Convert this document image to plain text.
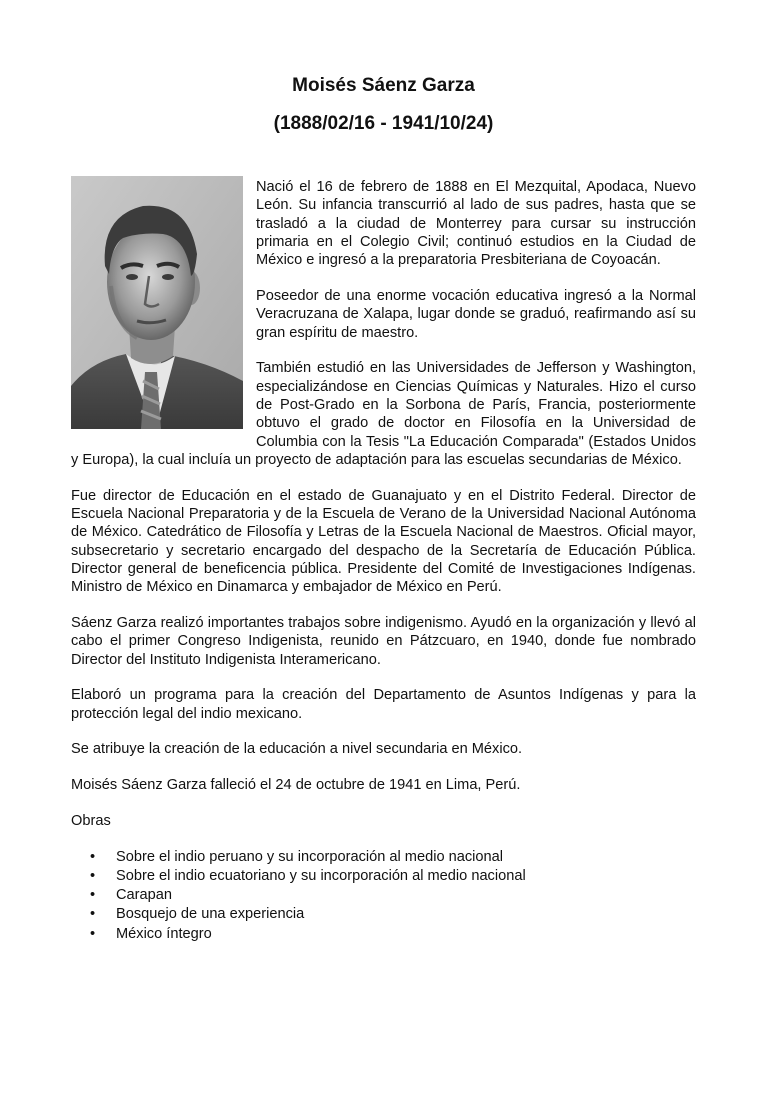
Moisés Sáenz Garza
(1888/02/16 - 1941/10/24)

Nació el 16 de febrero de 1888 en El Mezquital, Apodaca, Nuevo León. Su infancia transcurrió al lado de sus padres, hasta que se trasladó a la ciudad de Monterrey para cursar su instrucción primaria en el Colegio Civil; continuó estudios en la Ciudad de México e ingresó a la preparatoria Presbiteriana de Coyoacán.

Poseedor de una enorme vocación educativa ingresó a la Normal Veracruzana de Xalapa, lugar donde se graduó, reafirmando así su gran espíritu de maestro.

También estudió en las Universidades de Jefferson y Washington, especializándose en Ciencias Químicas y Naturales. Hizo el curso de Post-Grado en la Sorbona de París, Francia, posteriormente obtuvo el grado de doctor en Filosofía en la Universidad de Columbia con la Tesis "La Educación Comparada" (Estados Unidos y Europa), la cual incluía un proyecto de adaptación para las escuelas secundarias de México.

Fue director de Educación en el estado de Guanajuato y en el Distrito Federal. Director de Escuela Nacional Preparatoria y de la Escuela de Verano de la Universidad Nacional Autónoma de México. Catedrático de Filosofía y Letras de la Escuela Nacional de Maestros. Oficial mayor, subsecretario y secretario encargado del despacho de la Secretaría de Educación Pública. Director general de beneficencia pública. Presidente del Comité de Investigaciones Indígenas. Ministro de México en Dinamarca y embajador de México en Perú.

Sáenz Garza realizó importantes trabajos sobre indigenismo. Ayudó en la organización y llevó al cabo el primer Congreso Indigenista, reunido en Pátzcuaro, en 1940, donde fue nombrado Director del Instituto Indigenista Interamericano.

Elaboró un programa para la creación del Departamento de Asuntos Indígenas y para la protección legal del indio mexicano.

Se atribuye la creación de la educación a nivel secundaria en México.

Moisés Sáenz Garza falleció el 24 de octubre de 1941 en Lima, Perú.

Obras

• Sobre el indio peruano y su incorporación al medio nacional
• Sobre el indio ecuatoriano y su incorporación al medio nacional
• Carapan
• Bosquejo de una experiencia
• México íntegro
